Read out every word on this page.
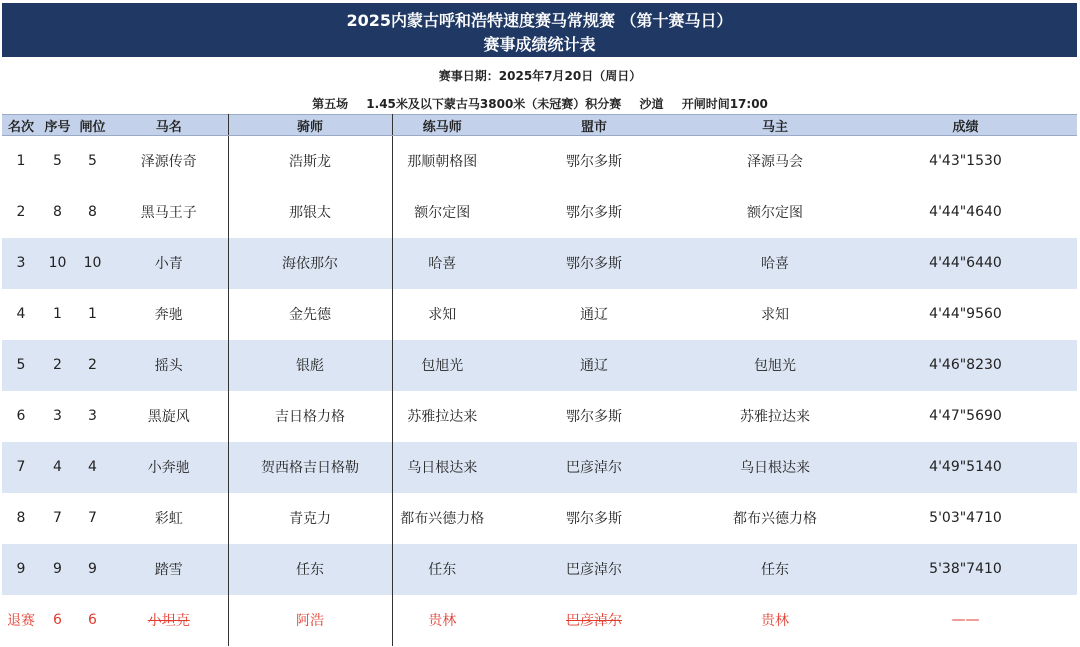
2025内蒙古呼和浩特速度赛马常规赛 （第十赛马日）
赛事成绩统计表
赛事日期：2025年7月20日（周日）
第五场 1.45米及以下蒙古马3800米（未冠赛）积分赛 沙道 开闸时间17:00
名次	序号	闸位	马名	骑师	练马师	盟市	马主	成绩
1	5	5	泽源传奇	浩斯龙	那顺朝格图	鄂尔多斯	泽源马会	4'43"1530
2	8	8	黑马王子	那银太	额尔定图	鄂尔多斯	额尔定图	4'44"4640
3	10	10	小青	海依那尔	哈喜	鄂尔多斯	哈喜	4'44"6440
4	1	1	奔驰	金先德	求知	通辽	求知	4'44"9560
5	2	2	摇头	银彪	包旭光	通辽	包旭光	4'46"8230
6	3	3	黑旋风	吉日格力格	苏雅拉达来	鄂尔多斯	苏雅拉达来	4'47"5690
7	4	4	小奔驰	贺西格吉日格勒	乌日根达来	巴彦淖尔	乌日根达来	4'49"5140
8	7	7	彩虹	青克力	都布兴德力格	鄂尔多斯	都布兴德力格	5'03"4710
9	9	9	踏雪	任东	任东	巴彦淖尔	任东	5'38"7410
退赛	6	6	小坦克	阿浩	贵林	巴彦淖尔	贵林	——
